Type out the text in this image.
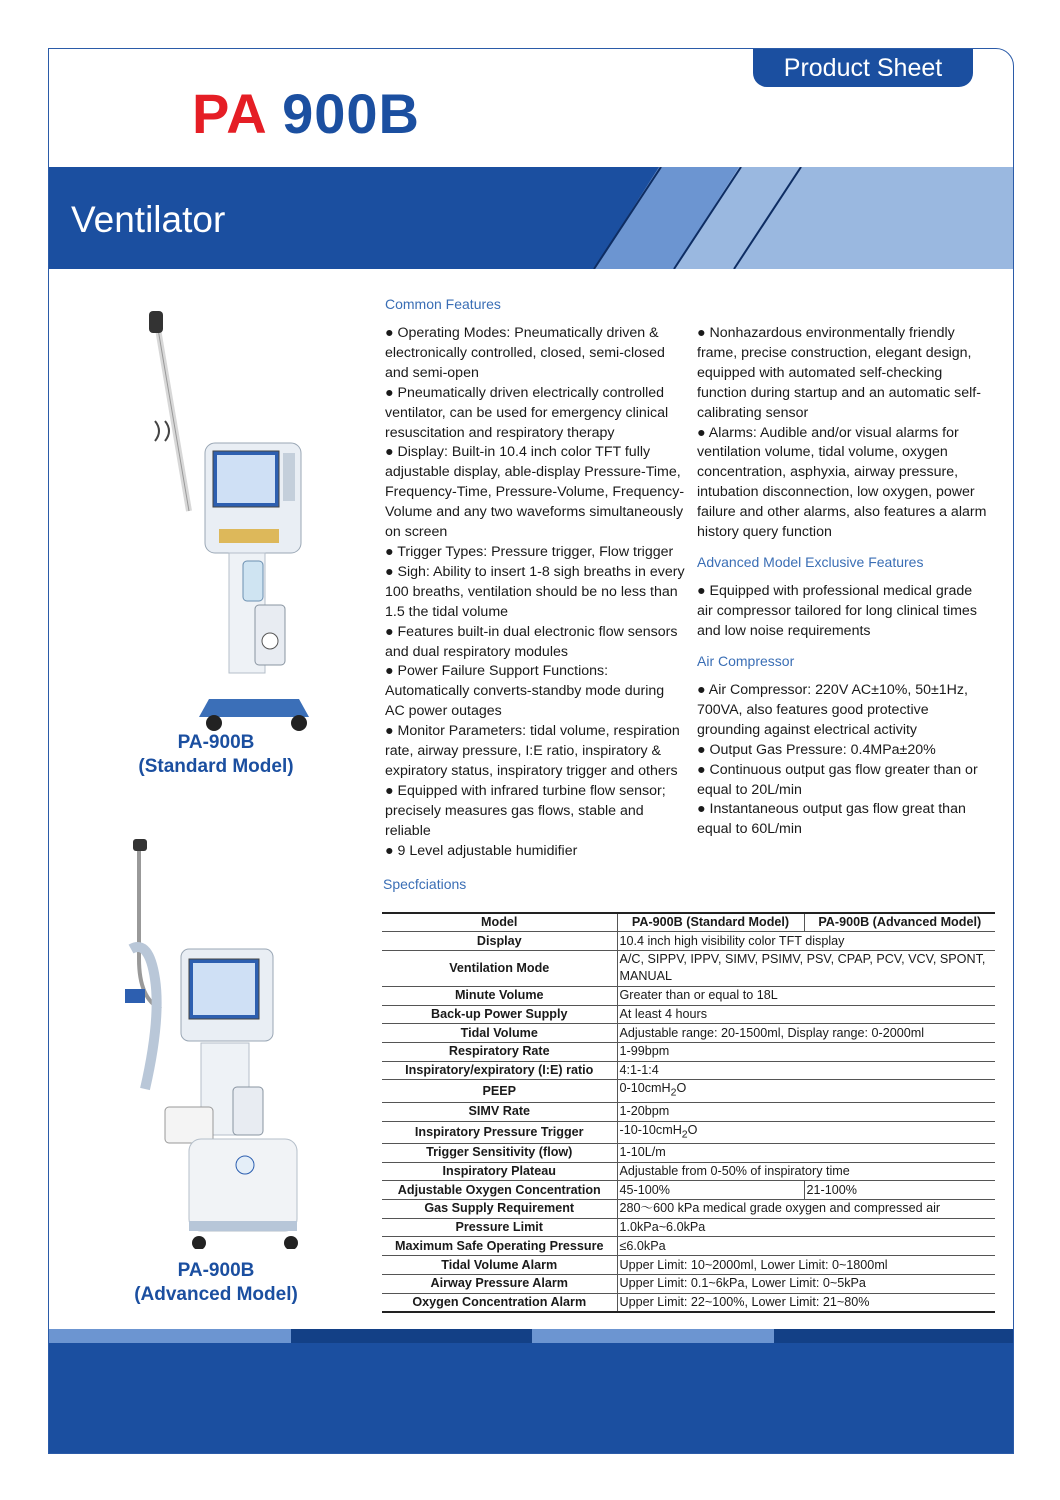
Product Sheet
PA 900B
Ventilator
PA-900B
(Standard Model)
PA-900B
(Advanced Model)
Common Features

● Operating Modes: Pneumatically driven & electronically controlled, closed, semi-closed and semi-open

● Pneumatically driven electrically controlled ventilator, can be used for emergency clinical resuscitation and respiratory therapy

● Display: Built-in 10.4 inch color TFT fully adjustable display, able-display Pressure-Time, Frequency-Time, Pressure-Volume, Frequency-Volume and any two waveforms simultaneously on screen

● Trigger Types: Pressure trigger, Flow trigger

● Sigh: Ability to insert 1-8 sigh breaths in every 100 breaths, ventilation should be no less than 1.5 the tidal volume

● Features built-in dual electronic flow sensors and dual respiratory modules

● Power Failure Support Functions: Automatically converts-standby mode during AC power outages

● Monitor Parameters: tidal volume, respiration rate, airway pressure, I:E ratio, inspiratory & expiratory status, inspiratory trigger and others

● Equipped with infrared turbine flow sensor; precisely measures gas flows, stable and reliable

● 9 Level adjustable humidifier

● Nonhazardous environmentally friendly frame, precise construction, elegant design, equipped with automated self-checking function during startup and an automatic self-calibrating sensor

● Alarms: Audible and/or visual alarms for ventilation volume, tidal volume, oxygen concentration, asphyxia, airway pressure, intubation disconnection, low oxygen, power failure and other alarms, also features a alarm history query function

Advanced Model Exclusive Features

● Equipped with professional medical grade air compressor tailored for long clinical times and low noise requirements

Air Compressor

● Air Compressor: 220V AC±10%, 50±1Hz, 700VA, also features good protective grounding against electrical activity

● Output Gas Pressure: 0.4MPa±20%

● Continuous output gas flow greater than or equal to 20L/min

● Instantaneous output gas flow great than equal to 60L/min

Specfciations
Model	PA-900B (Standard Model)	PA-900B (Advanced Model)
Display	10.4 inch high visibility color TFT display	
Ventilation Mode	A/C, SIPPV, IPPV, SIMV, PSIMV, PSV, CPAP, PCV, VCV, SPONT, MANUAL	
Minute Volume	Greater than or equal to 18L	
Back-up Power Supply	At least 4 hours	
Tidal Volume	Adjustable range: 20-1500ml, Display range: 0-2000ml	
Respiratory Rate	1-99bpm	
Inspiratory/expiratory (I:E) ratio	4:1-1:4	
PEEP	0-10cmH$_2$O	
SIMV Rate	1-20bpm	
Inspiratory Pressure Trigger	-10-10cmH$_2$O	
Trigger Sensitivity (flow)	1-10L/m	
Inspiratory Plateau	Adjustable from 0-50% of inspiratory time	
Adjustable Oxygen Concentration	45-100%	21-100%
Gas Supply Requirement	280～600 kPa medical grade oxygen and compressed air	
Pressure Limit	1.0kPa~6.0kPa	
Maximum Safe Operating Pressure	≤6.0kPa	
Tidal Volume Alarm	Upper Limit: 10~2000ml, Lower Limit: 0~1800ml	
Airway Pressure Alarm	Upper Limit: 0.1~6kPa, Lower Limit: 0~5kPa	
Oxygen Concentration Alarm	Upper Limit: 22~100%, Lower Limit: 21~80%	
